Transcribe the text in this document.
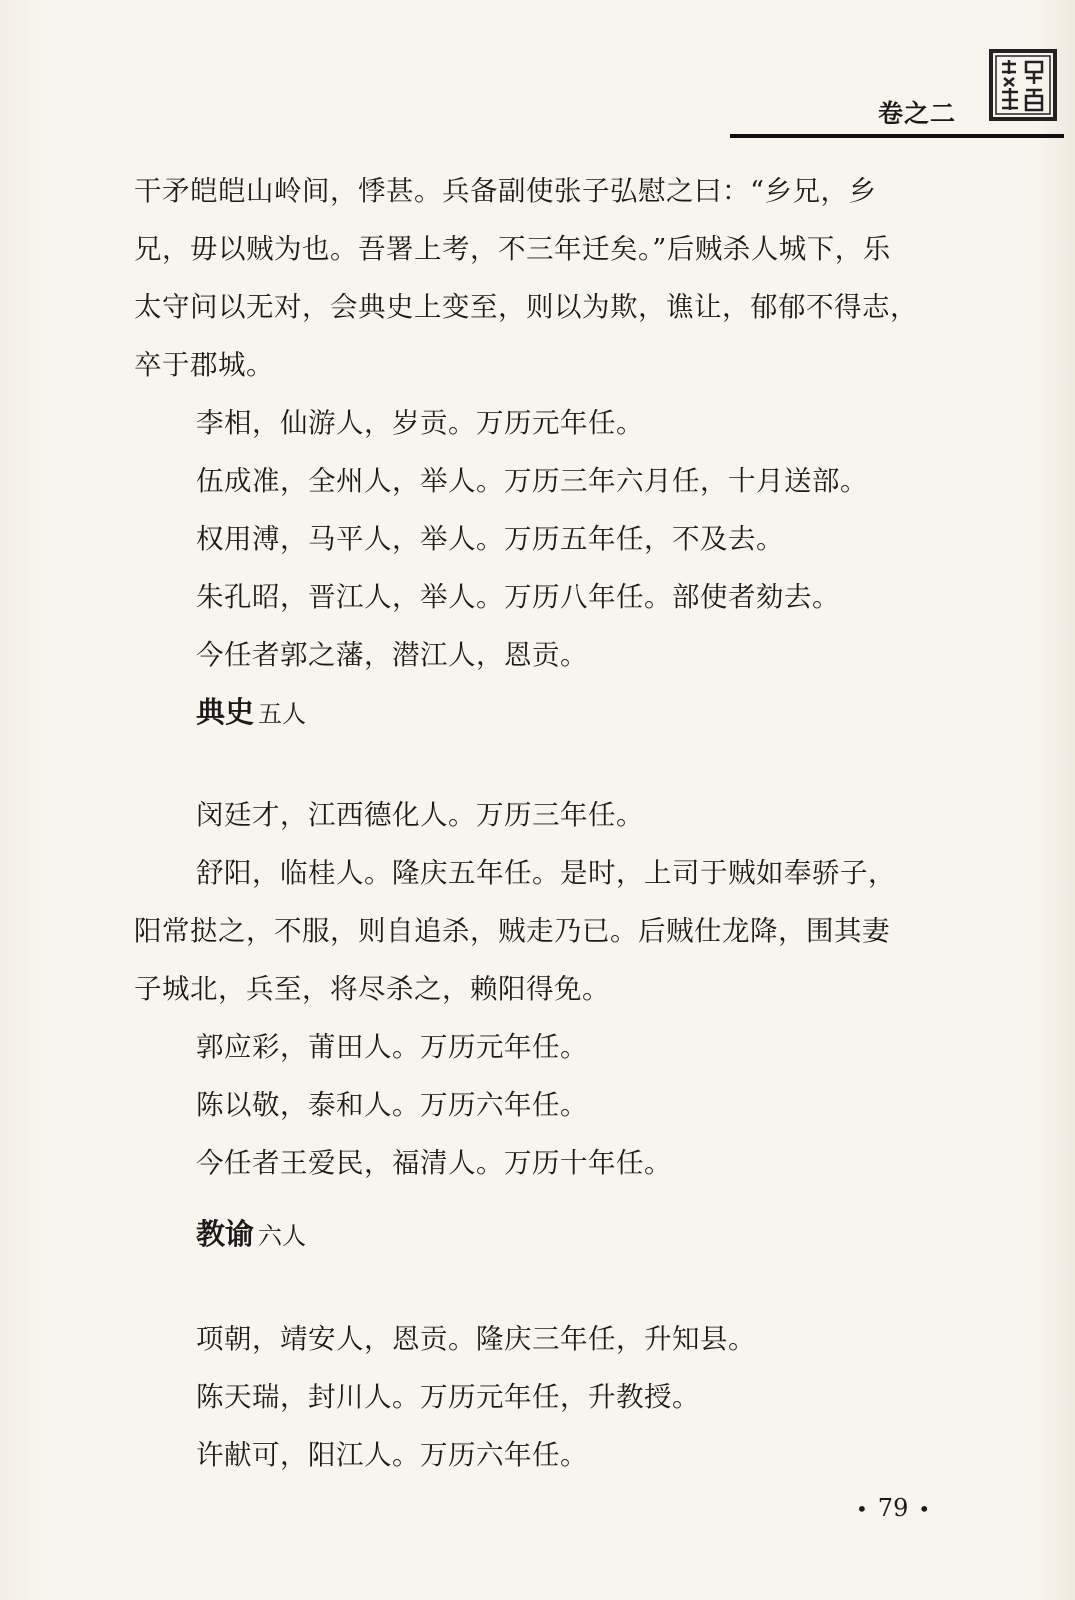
卷之二
干矛皑皑山岭间，悸甚。兵备副使张子弘慰之曰：“乡兄，乡
兄，毋以贼为也。吾署上考，不三年迁矣。”后贼杀人城下，乐
太守问以无对，会典史上变至，则以为欺，谯让，郁郁不得志，
卒于郡城。
李相，仙游人，岁贡。万历元年任。
伍成准，全州人，举人。万历三年六月任，十月送部。
权用溥，马平人，举人。万历五年任，不及去。
朱孔昭，晋江人，举人。万历八年任。部使者劾去。
今任者郭之藩，潜江人，恩贡。
典史 五人
闵廷才，江西德化人。万历三年任。
舒阳，临桂人。隆庆五年任。是时，上司于贼如奉骄子，
阳常挞之，不服，则自追杀，贼走乃已。后贼仕龙降，围其妻
子城北，兵至，将尽杀之，赖阳得免。
郭应彩，莆田人。万历元年任。
陈以敬，泰和人。万历六年任。
今任者王爱民，福清人。万历十年任。
教谕 六人
项朝，靖安人，恩贡。隆庆三年任，升知县。
陈天瑞，封川人。万历元年任，升教授。
许献可，阳江人。万历六年任。
• 79 •
